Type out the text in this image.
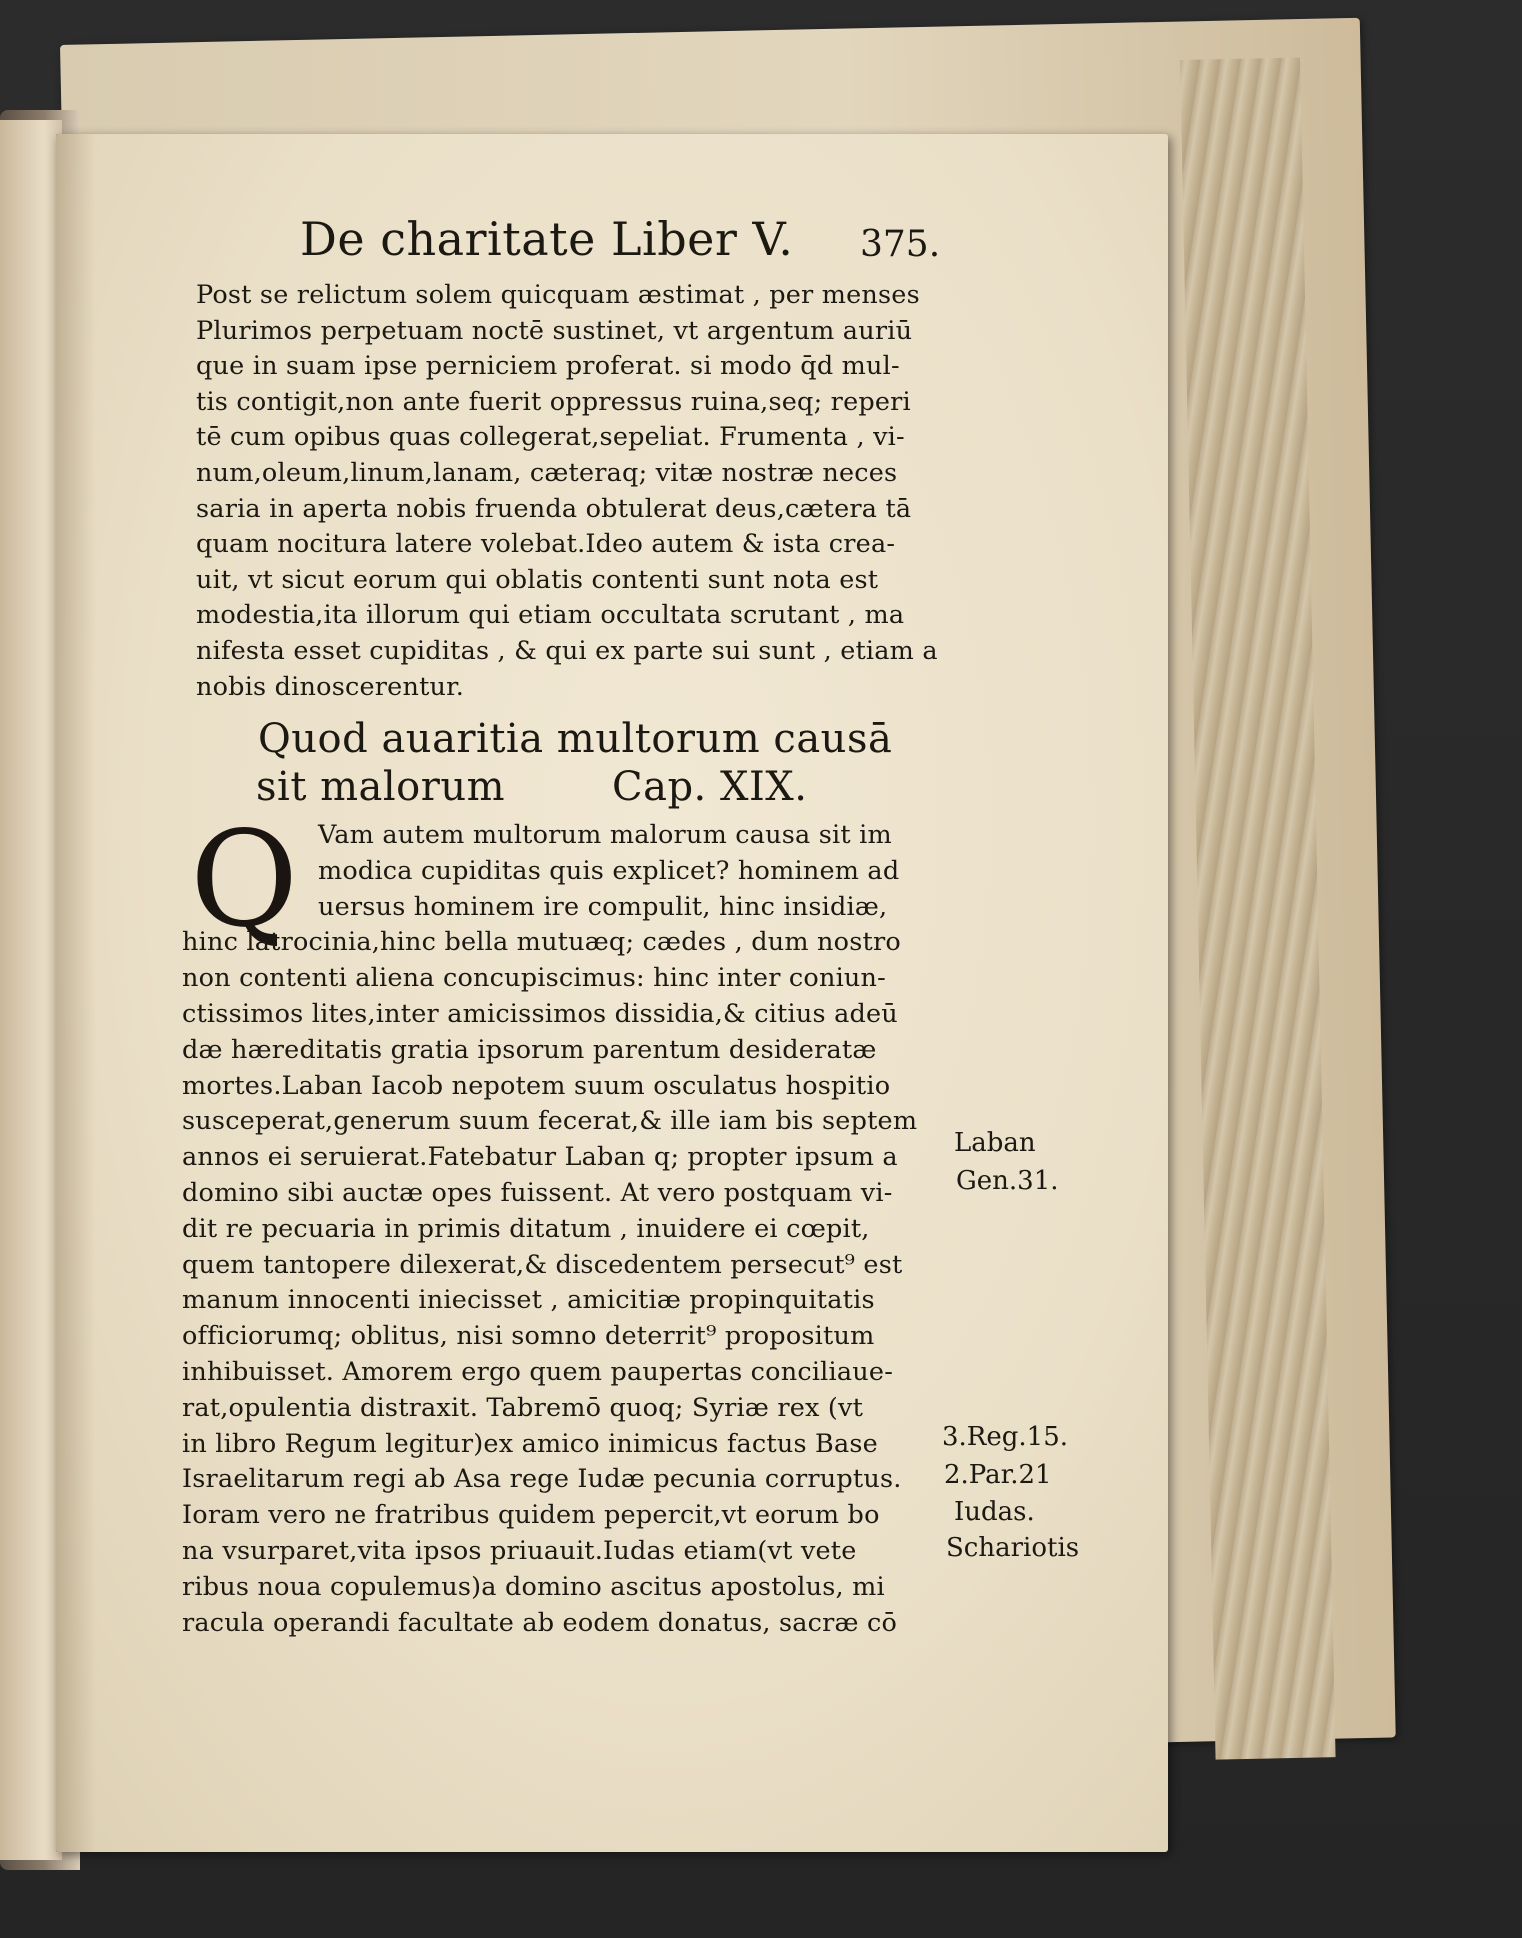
De charitate Liber V. 375.
Post se relictum solem quicquam æstimat , per menses
Plurimos perpetuam noctē sustinet, vt argentum auriū
que in suam ipse perniciem proferat. si modo q̄d mul-
tis contigit,non ante fuerit oppressus ruina,seq; reperi
tē cum opibus quas collegerat,sepeliat. Frumenta , vi-
num,oleum,linum,lanam, cæteraq; vitæ nostræ neces
saria in aperta nobis fruenda obtulerat deus,cætera tā
quam nocitura latere volebat.Ideo autem & ista crea-
uit, vt sicut eorum qui oblatis contenti sunt nota est
modestia,ita illorum qui etiam occultata scrutant , ma
nifesta esset cupiditas , & qui ex parte sui sunt , etiam a
nobis dinoscerentur.
Quod auaritia multorum causā
sit malorum	Cap. XIX.
Q Vam autem multorum malorum causa sit im
modica cupiditas quis explicet? hominem ad
uersus hominem ire compulit, hinc insidiæ,
hinc latrocinia,hinc bella mutuæq; cædes , dum nostro
non contenti aliena concupiscimus: hinc inter coniun-
ctissimos lites,inter amicissimos dissidia,& citius adeū
dæ hæreditatis gratia ipsorum parentum desideratæ
mortes.Laban Iacob nepotem suum osculatus hospitio
susceperat,generum suum fecerat,& ille iam bis septem
annos ei seruierat.Fatebatur Laban q; propter ipsum a
domino sibi auctæ opes fuissent. At vero postquam vi-
dit re pecuaria in primis ditatum , inuidere ei cœpit,
quem tantopere dilexerat,& discedentem persecut⁹ est
manum innocenti iniecisset , amicitiæ propinquitatis
officiorumq; oblitus, nisi somno deterrit⁹ propositum
inhibuisset. Amorem ergo quem paupertas conciliaue-
rat,opulentia distraxit. Tabremō quoq; Syriæ rex (vt
in libro Regum legitur)ex amico inimicus factus Base
Israelitarum regi ab Asa rege Iudæ pecunia corruptus.
Ioram vero ne fratribus quidem pepercit,vt eorum bo
na vsurparet,vita ipsos priuauit.Iudas etiam(vt vete
ribus noua copulemus)a domino ascitus apostolus, mi
racula operandi facultate ab eodem donatus, sacræ cō
Laban
Gen.31.
3.Reg.15.
2.Par.21
Iudas.
Schariotis
